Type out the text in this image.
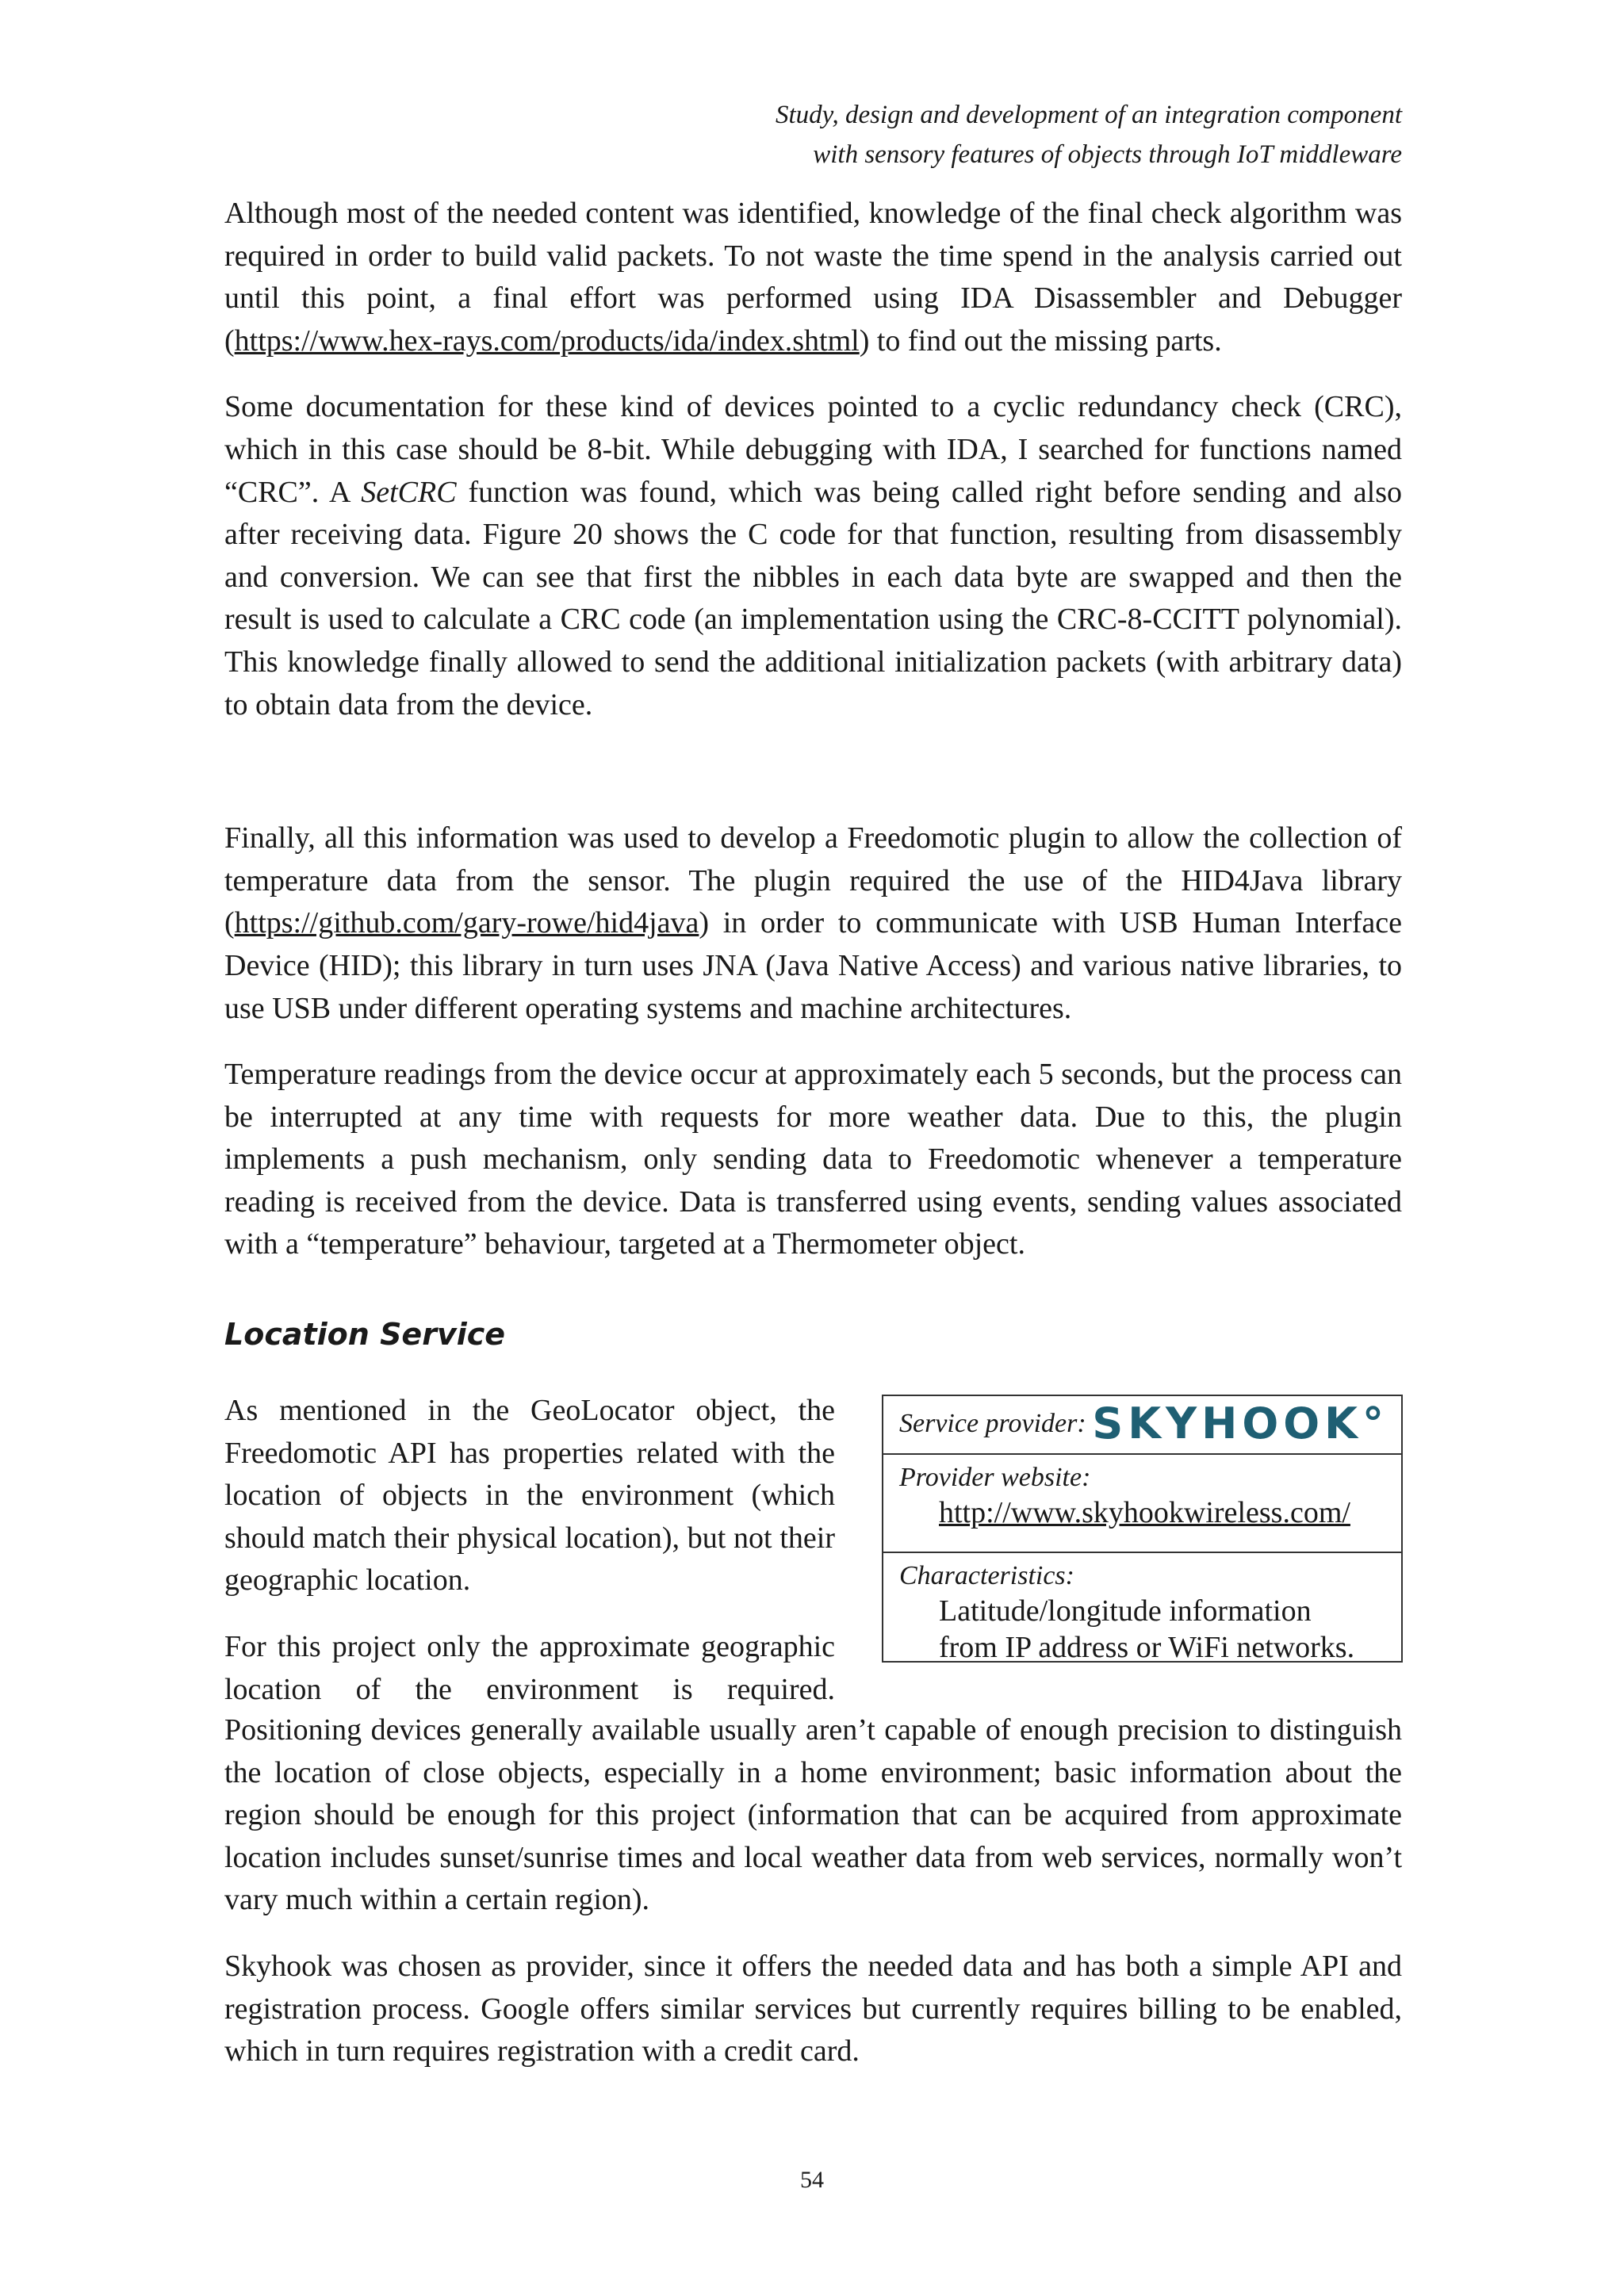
Study, design and development of an integration component
with sensory features of objects through IoT middleware

Although most of the needed content was identified, knowledge of the final check algorithm was required in order to build valid packets. To not waste the time spend in the analysis carried out until this point, a final effort was performed using IDA Disassembler and Debugger (https://www.hex-rays.com/products/ida/index.shtml) to find out the missing parts.

Some documentation for these kind of devices pointed to a cyclic redundancy check (CRC), which in this case should be 8-bit. While debugging with IDA, I searched for functions named “CRC”. A SetCRC function was found, which was being called right before sending and also after receiving data. Figure 20 shows the C code for that function, resulting from disassembly and conversion. We can see that first the nibbles in each data byte are swapped and then the result is used to calculate a CRC code (an implementation using the CRC-8-CCITT polynomial). This knowledge finally allowed to send the additional initialization packets (with arbitrary data) to obtain data from the device.

Finally, all this information was used to develop a Freedomotic plugin to allow the collection of temperature data from the sensor. The plugin required the use of the HID4Java library (https://github.com/gary-rowe/hid4java) in order to communicate with USB Human Interface Device (HID); this library in turn uses JNA (Java Native Access) and various native libraries, to use USB under different operating systems and machine architectures.

Temperature readings from the device occur at approximately each 5 seconds, but the process can be interrupted at any time with requests for more weather data. Due to this, the plugin implements a push mechanism, only sending data to Freedomotic whenever a temperature reading is received from the device. Data is transferred using events, sending values associated with a “temperature” behaviour, targeted at a Thermometer object.

Location Service

As mentioned in the GeoLocator object, the Freedomotic API has properties related with the location of objects in the environment (which should match their physical location), but not their geographic location.

For this project only the approximate geographic location of the environment is required.

Positioning devices generally available usually aren’t capable of enough precision to distinguish the location of close objects, especially in a home environment; basic information about the region should be enough for this project (information that can be acquired from approximate location includes sunset/sunrise times and local weather data from web services, normally won’t vary much within a certain region).

Skyhook was chosen as provider, since it offers the needed data and has both a simple API and registration process. Google offers similar services but currently requires billing to be enabled, which in turn requires registration with a credit card.

Service provider: SKYHOOK°
Provider website:
http://www.skyhookwireless.com/
Characteristics:
Latitude/longitude information
from IP address or WiFi networks.
54
